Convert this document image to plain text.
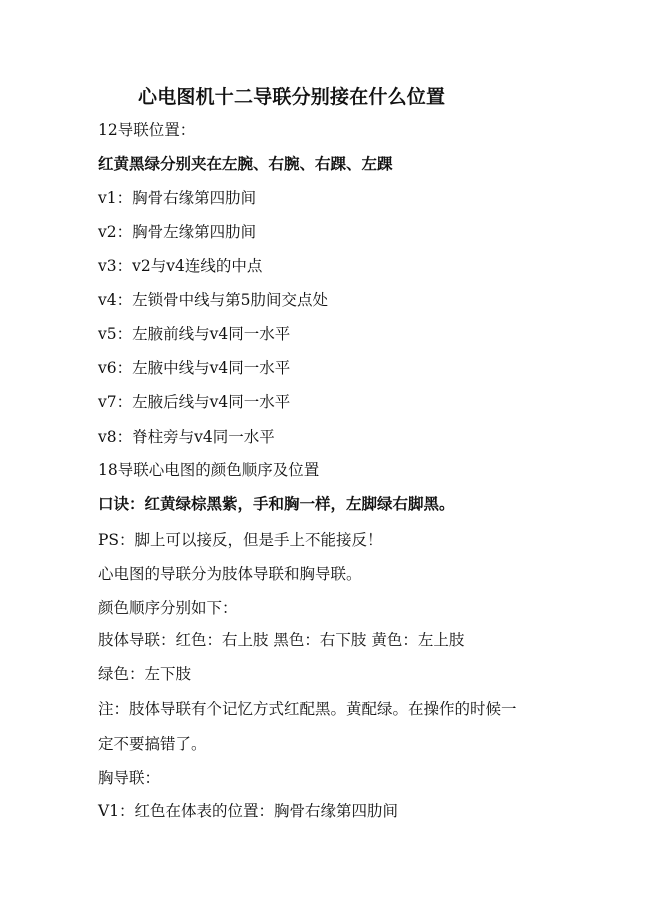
心电图机十二导联分别接在什么位置
12导联位置：
红黄黑绿分别夹在左腕、右腕、右踝、左踝
v1：胸骨右缘第四肋间
v2：胸骨左缘第四肋间
v3：v2与v4连线的中点
v4：左锁骨中线与第5肋间交点处
v5：左腋前线与v4同一水平
v6：左腋中线与v4同一水平
v7：左腋后线与v4同一水平
v8：脊柱旁与v4同一水平
18导联心电图的颜色顺序及位置
口诀：红黄绿棕黑紫，手和胸一样，左脚绿右脚黑。
PS：脚上可以接反，但是手上不能接反！
心电图的导联分为肢体导联和胸导联。
颜色顺序分别如下：
肢体导联：红色：右上肢 黑色：右下肢 黄色：左上肢
绿色：左下肢
注：肢体导联有个记忆方式红配黑。黄配绿。在操作的时候一
定不要搞错了。
胸导联：
V1：红色在体表的位置：胸骨右缘第四肋间
